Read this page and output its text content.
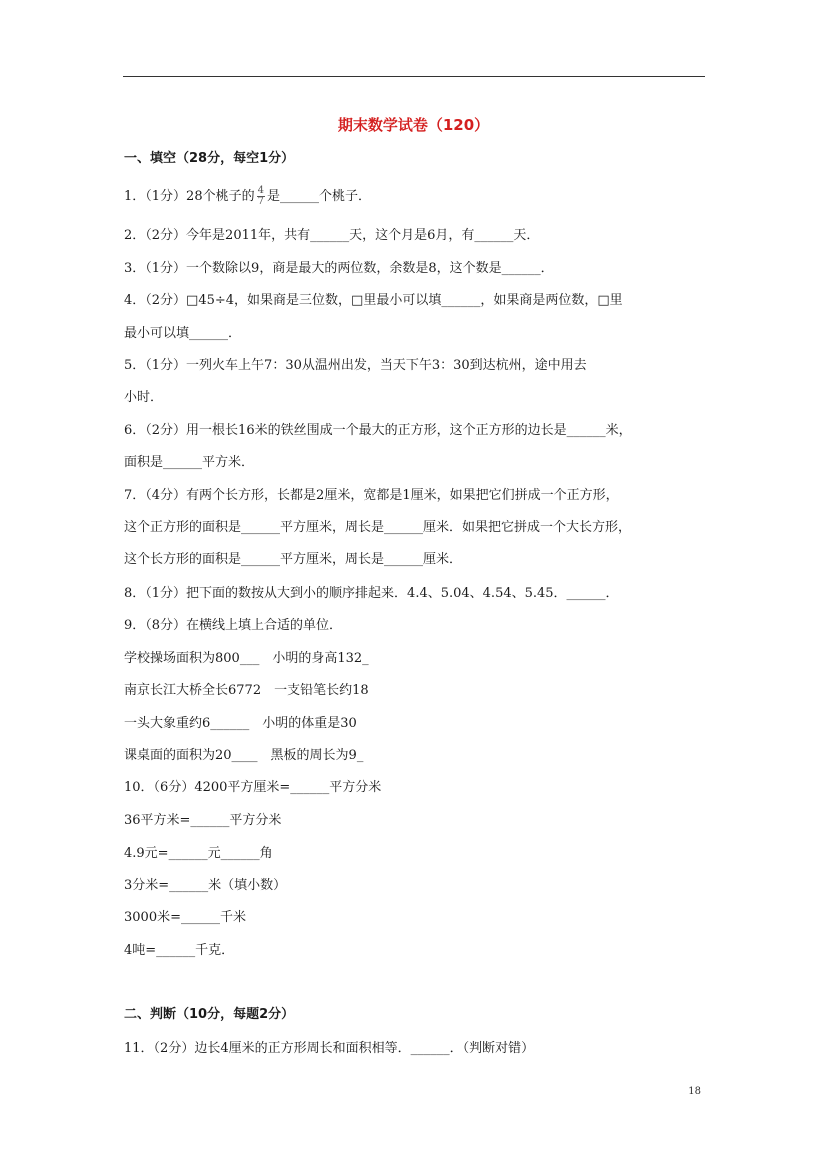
期末数学试卷（120）
一、填空（28分，每空1分）
1．（1分）28个桃子的 $\frac{4}{7}$ 是______个桃子．
2．（2分）今年是2011年，共有______天，这个月是6月，有______天．
3．（1分）一个数除以9，商是最大的两位数，余数是8，这个数是______．
4．（2分）□45÷4，如果商是三位数，□里最小可以填______，如果商是两位数，□里
最小可以填______．
5．（1分）一列火车上午7：30从温州出发，当天下午3：30到达杭州，途中用去
小时．
6．（2分）用一根长16米的铁丝围成一个最大的正方形，这个正方形的边长是______米，
面积是______平方米．
7．（4分）有两个长方形，长都是2厘米，宽都是1厘米，如果把它们拼成一个正方形，
这个正方形的面积是______平方厘米，周长是______厘米．如果把它拼成一个大长方形，
这个长方形的面积是______平方厘米，周长是______厘米．
8．（1分）把下面的数按从大到小的顺序排起来．4.4、5.04、4.54、5.45．______．
9．（8分）在横线上填上合适的单位．
学校操场面积为800___　小明的身高132_
南京长江大桥全长6772　一支铅笔长约18
一头大象重约6______　小明的体重是30
课桌面的面积为20____　黑板的周长为9_
10．（6分）4200平方厘米=______平方分米
36平方米=______平方分米
4.9元=______元______角
3分米=______米（填小数）
3000米=______千米
4吨=______千克．
二、判断（10分，每题2分）
11．（2分）边长4厘米的正方形周长和面积相等．______．（判断对错）
18
